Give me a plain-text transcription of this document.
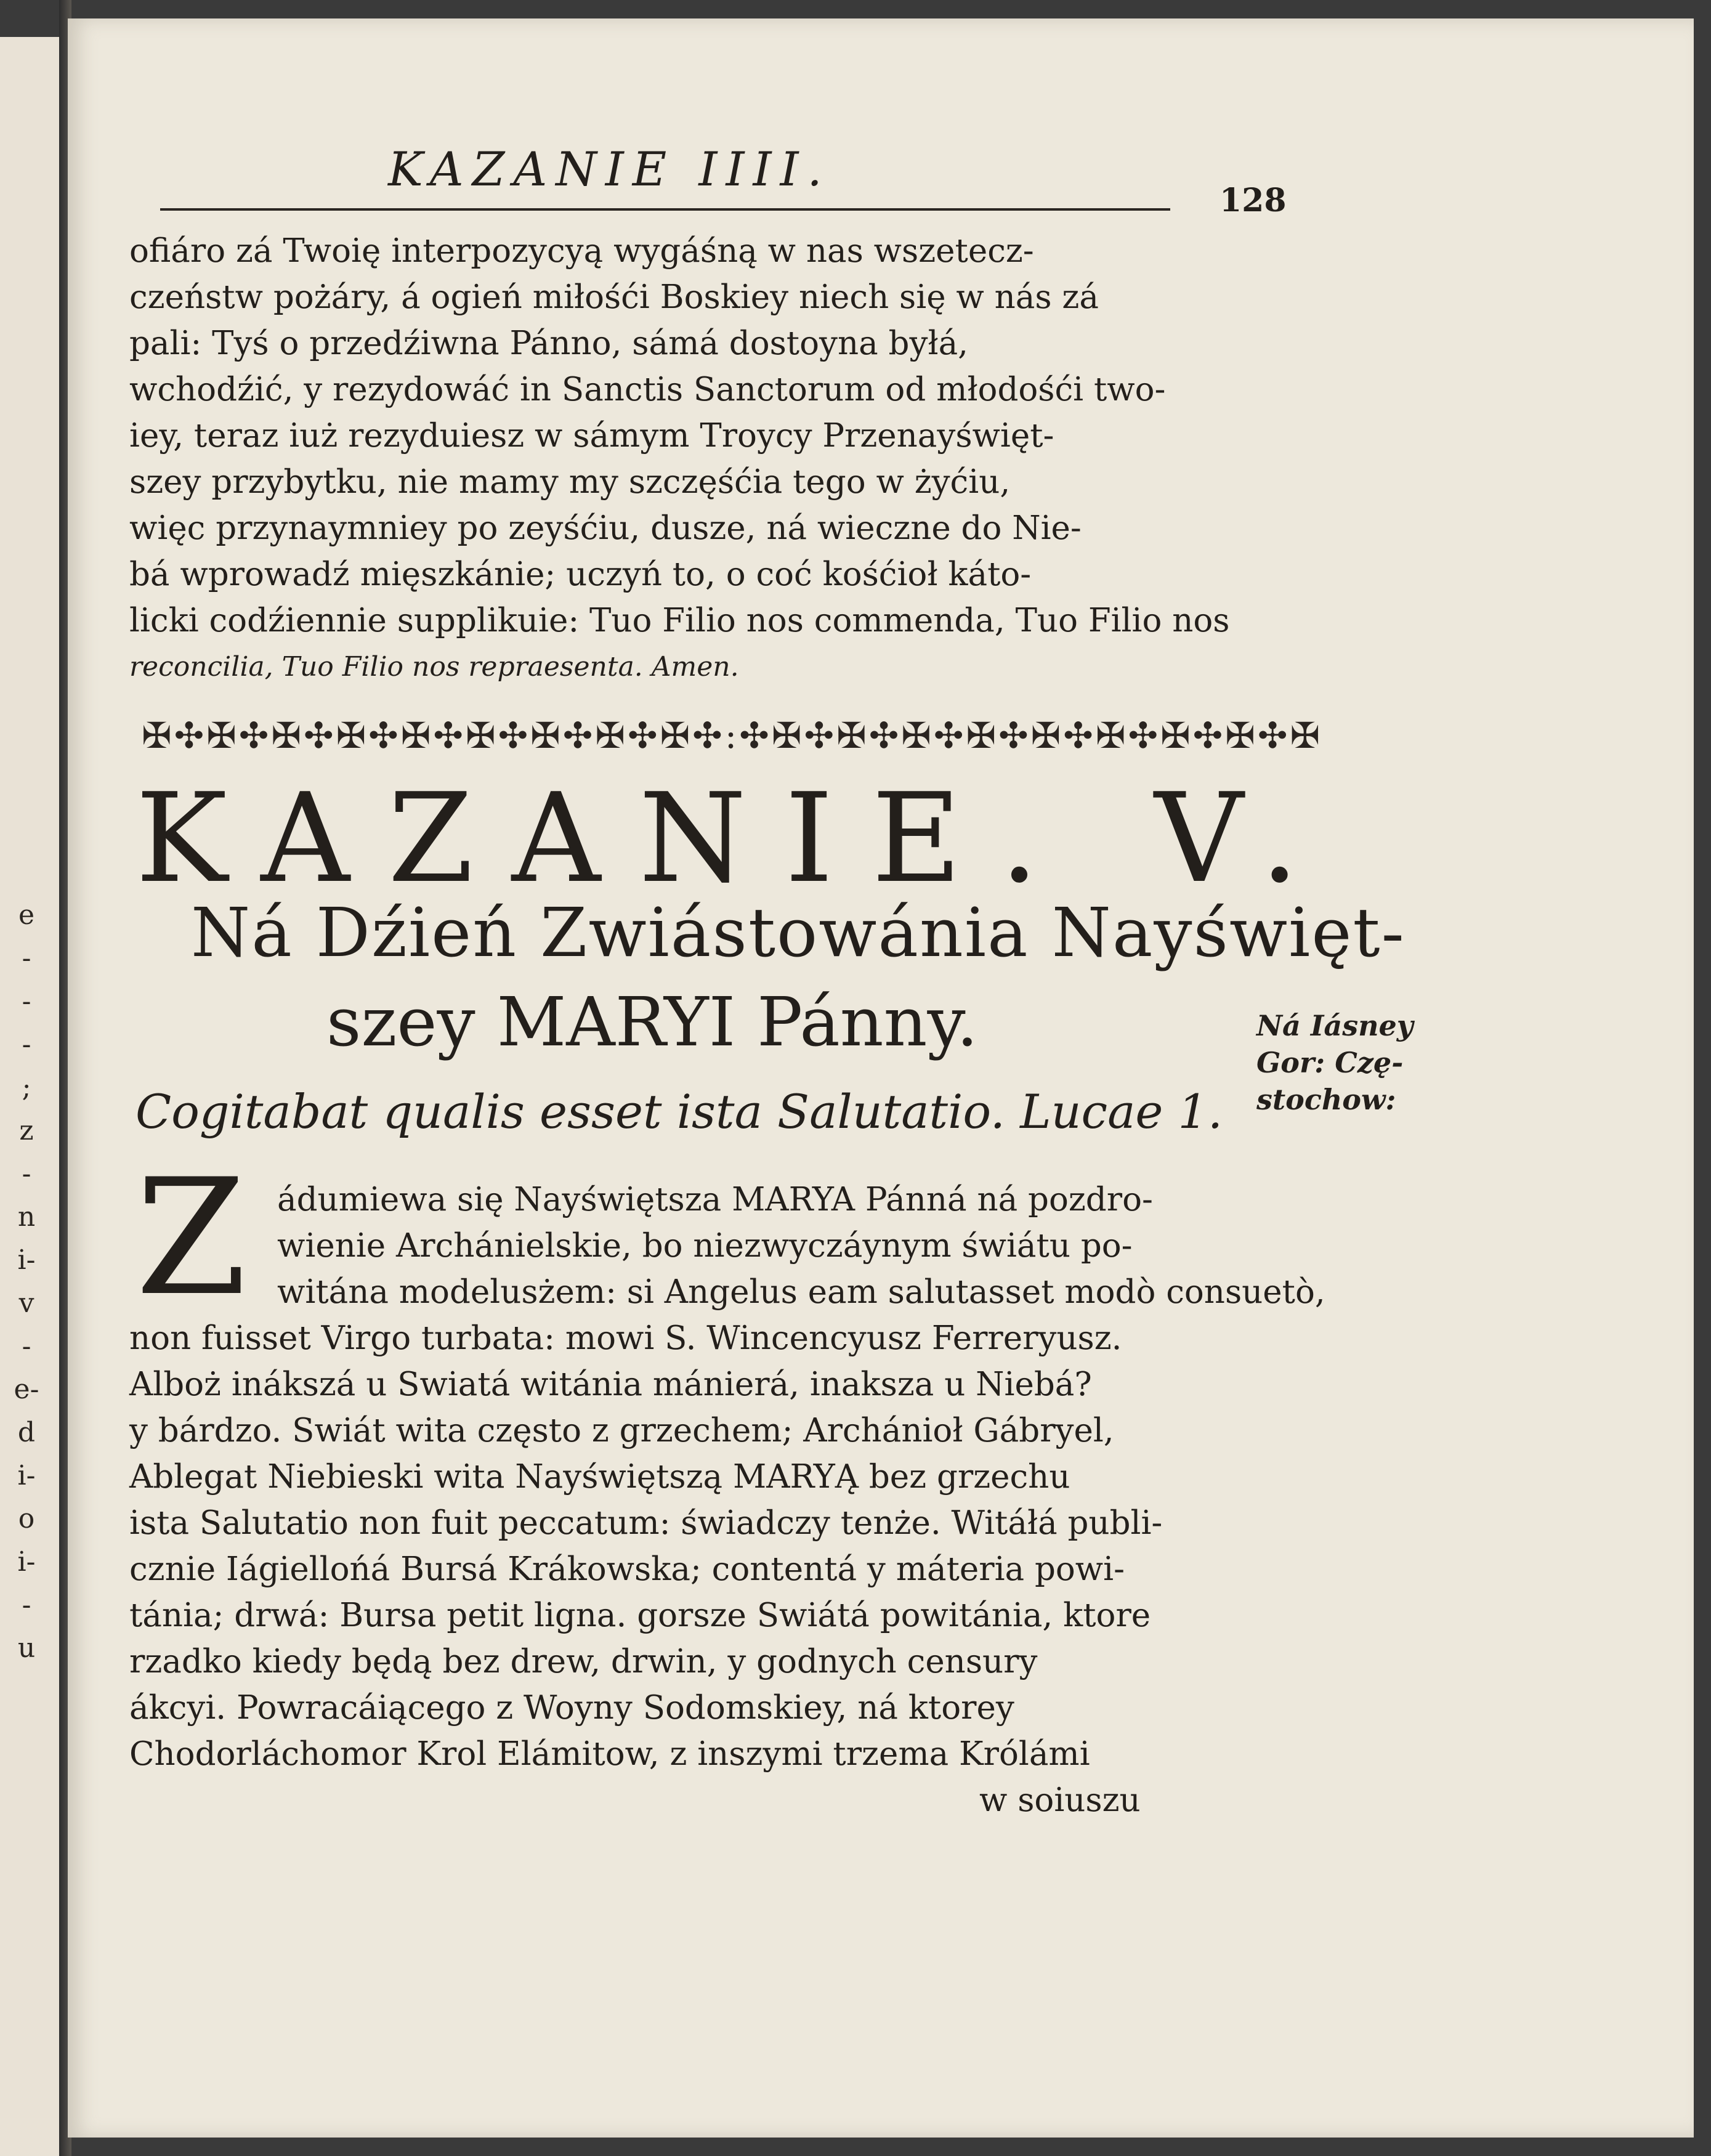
e
-
-
-
;
z
-
n
i-
v
-
e-
d
i-
o
i-
-
u
KAZANIE IIII.
128
ofiáro zá Twoię interpozycyą wygáśną w nas wszetecz-
czeństw pożáry, á ogień miłośći Boskiey niech się w nás zá
pali: Tyś o przedźiwna Pánno, sámá dostoyna byłá,
wchodźić, y rezydowáć in Sanctis Sanctorum od młodośći two-
iey, teraz iuż rezyduiesz w sámym Troycy Przenayświęt-
szey przybytku, nie mamy my szczęśćia tego w żyćiu,
więc przynaymniey po zeyśćiu, dusze, ná wieczne do Nie-
bá wprowadź mięszkánie; uczyń to, o coć kośćioł káto-
licki codźiennie supplikuie: Tuo Filio nos commenda, Tuo Filio nos
reconcilia, Tuo Filio nos repraesenta. Amen.
✠✣✠✣✠✣✠✣✠✣✠✣✠✣✠✣✠✣:✣✠✣✠✣✠✣✠✣✠✣✠✣✠✣✠✣✠
KAZANIE. V.
Ná Dźień Zwiástowánia Nayświęt-
szey MARYI Pánny.
Cogitabat qualis esset ista Salutatio. Lucae 1.
Ná Iásney
Gor: Czę-
stochow:
Z ádumiewa się Nayświętsza MARYA Pánná ná pozdro-
wienie Archánielskie, bo niezwyczáynym świátu po-
witána modelusżem: si Angelus eam salutasset modò consuetò,
non fuisset Virgo turbata: mowi S. Wincencyusz Ferreryusz.
Alboż inákszá u Swiatá witánia mánierá, inaksza u Niebá?
y bárdzo. Swiát wita często z grzechem; Archánioł Gábryel,
Ablegat Niebieski wita Nayświętszą MARYĄ bez grzechu
ista Salutatio non fuit peccatum: świadczy tenże. Witáłá publi-
cznie Iágiellońá Bursá Krákowska; contentá y máteria powi-
tánia; drwá: Bursa petit ligna. gorsze Swiátá powitánia, ktore
rzadko kiedy będą bez drew, drwin, y godnych censury
ákcyi. Powracáiącego z Woyny Sodomskiey, ná ktorey
Chodorláchomor Krol Elámitow, z inszymi trzema Królámi
w soiuszu
